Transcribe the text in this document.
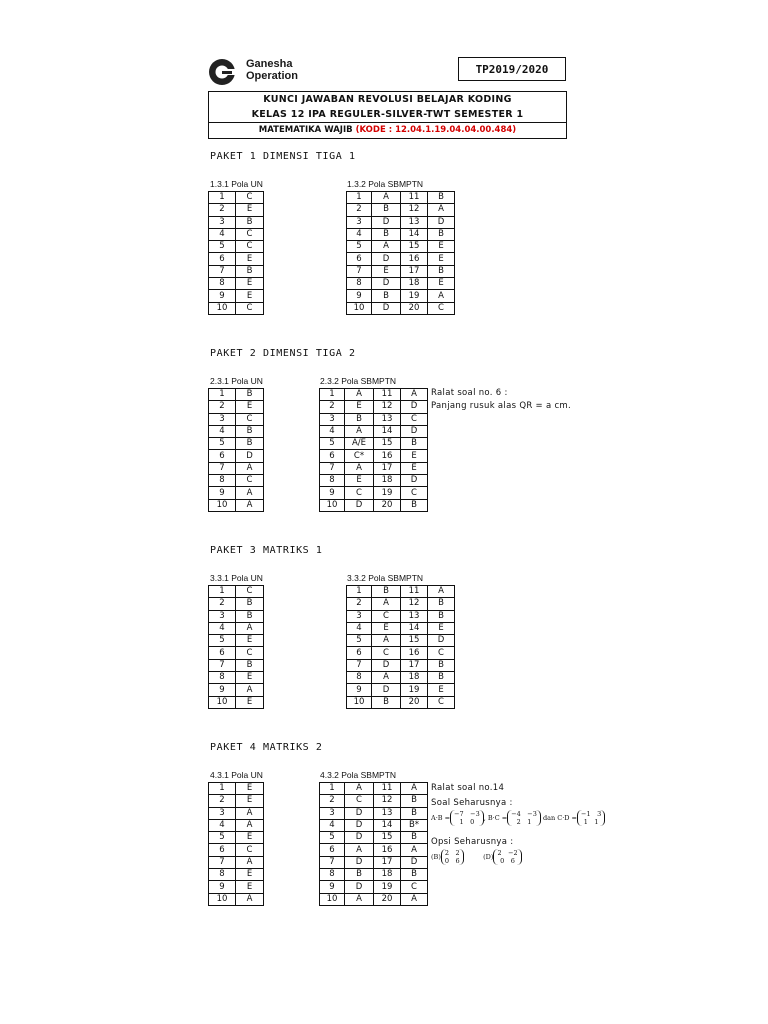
Ganesha
Operation
TP2019/2020
KUNCI JAWABAN REVOLUSI BELAJAR KODING
KELAS 12 IPA REGULER-SILVER-TWT SEMESTER 1
MATEMATIKA WAJIB (KODE : 12.04.1.19.04.04.00.484)
PAKET 1 DIMENSI TIGA 1
1.3.1 Pola UN	1.3.2 Pola SBMPTN
1	C
2	E
3	B
4	C
5	C
6	E
7	B
8	E
9	E
10	C
1	A	11	B
2	B	12	A
3	D	13	D
4	B	14	B
5	A	15	E
6	D	16	E
7	E	17	B
8	D	18	E
9	B	19	A
10	D	20	C
PAKET 2 DIMENSI TIGA 2
2.3.1 Pola UN	2.3.2 Pola SBMPTN
1	B
2	E
3	C
4	B
5	B
6	D
7	A
8	C
9	A
10	A
1	A	11	A
2	E	12	D
3	B	13	C
4	A	14	D
5	A/E	15	B
6	C*	16	E
7	A	17	E
8	E	18	D
9	C	19	C
10	D	20	B
Ralat soal no. 6 :
Panjang rusuk alas QR = a cm.
PAKET 3 MATRIKS 1
3.3.1 Pola UN	3.3.2 Pola SBMPTN
1	C
2	B
3	B
4	A
5	E
6	C
7	B
8	E
9	A
10	E
1	B	11	A
2	A	12	B
3	C	13	B
4	E	14	E
5	A	15	D
6	C	16	C
7	D	17	B
8	A	18	B
9	D	19	E
10	B	20	C
PAKET 4 MATRIKS 2
4.3.1 Pola UN	4.3.2 Pola SBMPTN
1	E
2	E
3	A
4	A
5	E
6	C
7	A
8	E
9	E
10	A
1	A	11	A
2	C	12	B
3	D	13	B
4	D	14	B*
5	D	15	B
6	A	16	A
7	D	17	D
8	B	18	B
9	D	19	C
10	A	20	A
Ralat soal no.14
Soal Seharusnya :
Opsi Seharusnya :
A·B = −7 −3
1 0	, B·C = −4 −3
2 1	dan C·D = −1 3
1 1
(B) 2 2
0 6
   	(D) 2 −2
0 6
